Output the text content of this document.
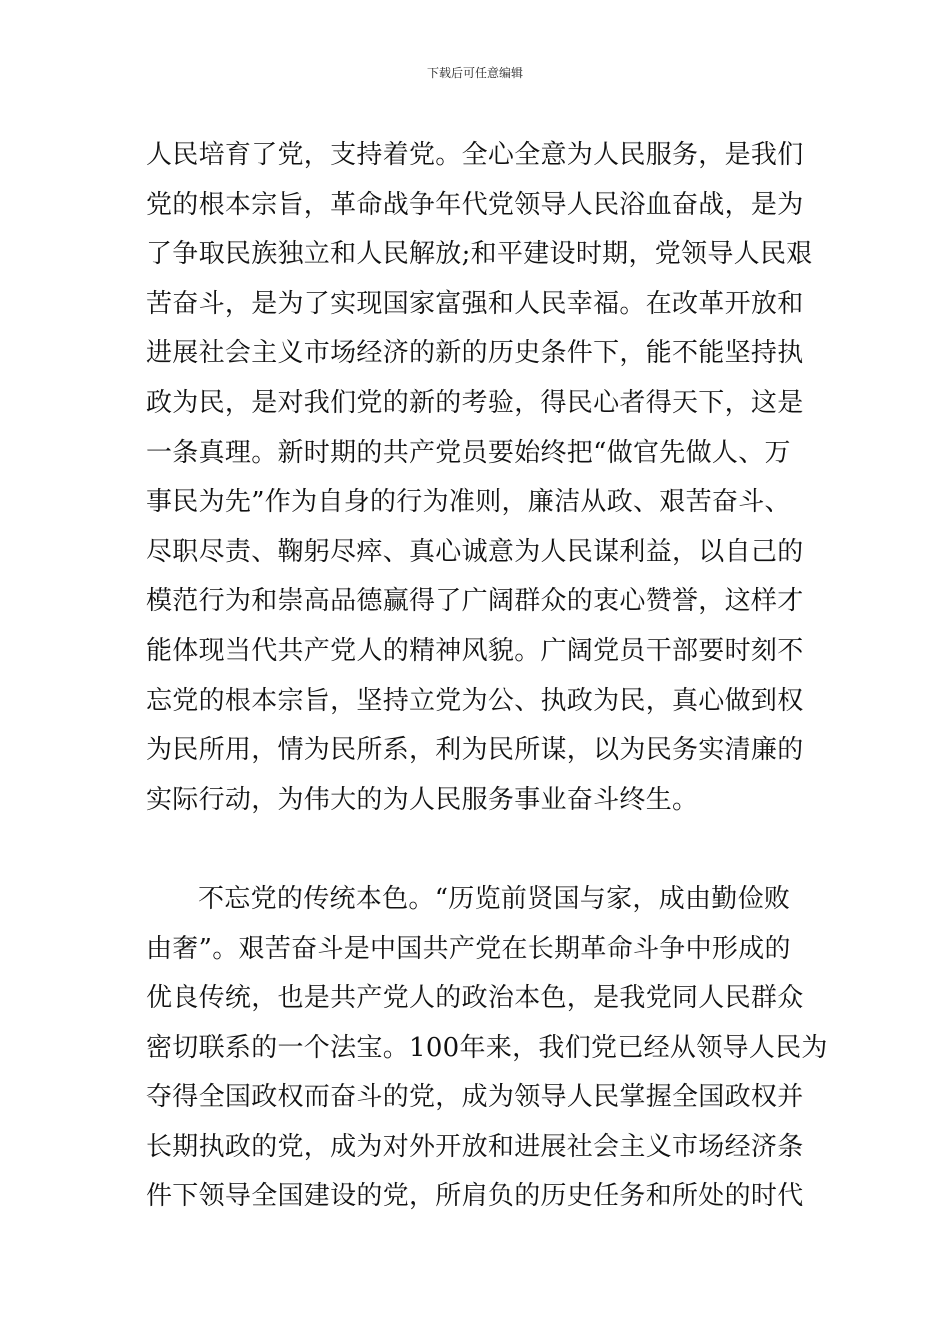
下载后可任意编辑
人民培育了党，支持着党。全心全意为人民服务，是我们
党的根本宗旨，革命战争年代党领导人民浴血奋战，是为
了争取民族独立和人民解放;和平建设时期，党领导人民艰
苦奋斗，是为了实现国家富强和人民幸福。在改革开放和
进展社会主义市场经济的新的历史条件下，能不能坚持执
政为民，是对我们党的新的考验，得民心者得天下，这是
一条真理。新时期的共产党员要始终把“做官先做人、万
事民为先”作为自身的行为准则，廉洁从政、艰苦奋斗、
尽职尽责、鞠躬尽瘁、真心诚意为人民谋利益，以自己的
模范行为和崇高品德赢得了广阔群众的衷心赞誉，这样才
能体现当代共产党人的精神风貌。广阔党员干部要时刻不
忘党的根本宗旨，坚持立党为公、执政为民，真心做到权
为民所用，情为民所系，利为民所谋，以为民务实清廉的
实际行动，为伟大的为人民服务事业奋斗终生。
不忘党的传统本色。“历览前贤国与家，成由勤俭败
由奢”。艰苦奋斗是中国共产党在长期革命斗争中形成的
优良传统，也是共产党人的政治本色，是我党同人民群众
密切联系的一个法宝。100年来，我们党已经从领导人民为
夺得全国政权而奋斗的党，成为领导人民掌握全国政权并
长期执政的党，成为对外开放和进展社会主义市场经济条
件下领导全国建设的党，所肩负的历史任务和所处的时代
